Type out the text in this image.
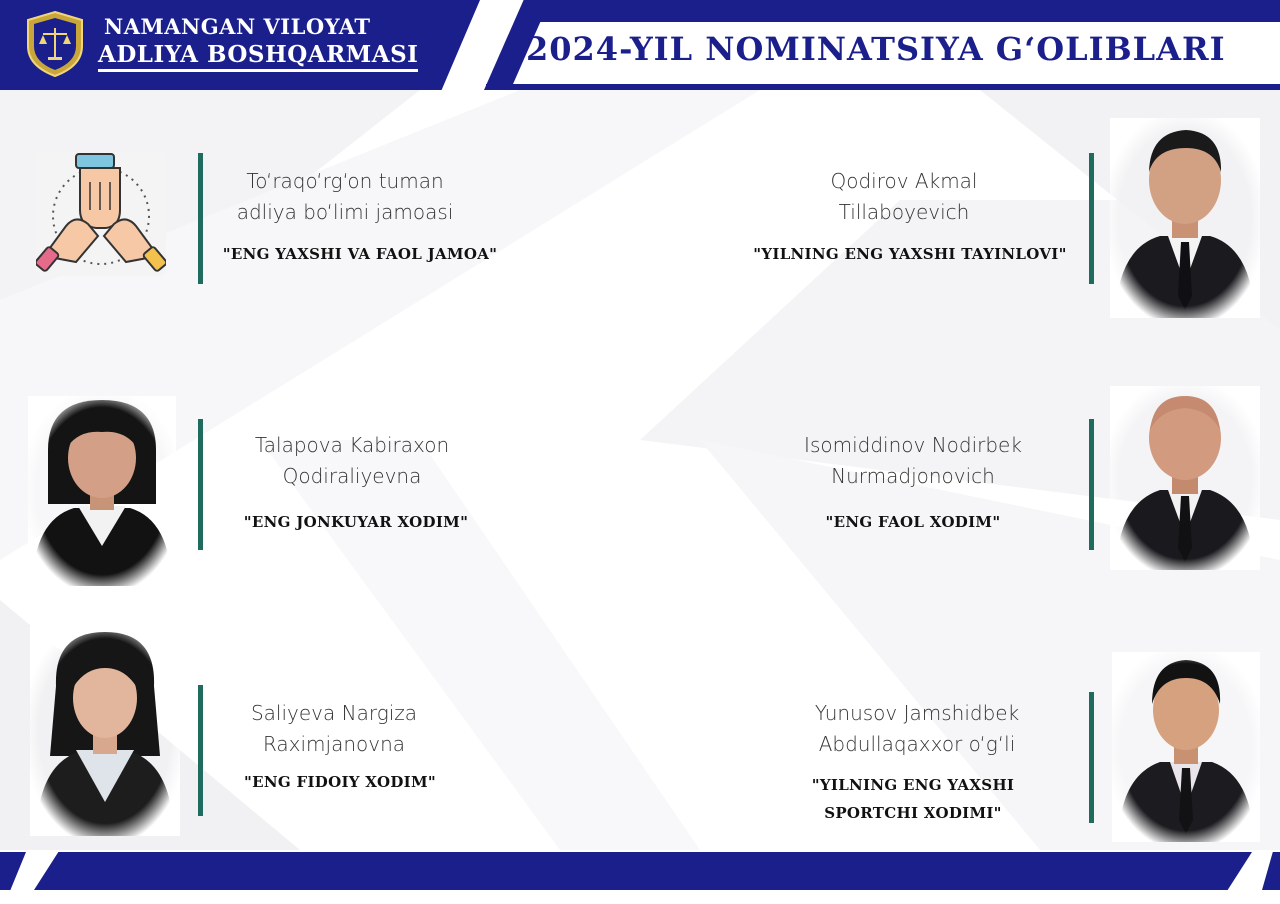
NAMANGAN VILOYAT
ADLIYA BOSHQARMASI	2024-YIL NOMINATSIYA G‘OLIBLARI
To‘raqo‘rg‘on tuman
adliya bo‘limi jamoasi
"ENG YAXSHI VA FAOL JAMOA"	"YILNING ENG YAXSHI TAYINLOVI"
Qodirov Akmal
Tillaboyevich
Talapova Kabiraxon
Qodiraliyevna
"ENG JONKUYAR XODIM"
Isomiddinov Nodirbek
Nurmadjonovich
"ENG FAOL XODIM"
Saliyeva Nargiza
Raximjanovna
"ENG FIDOIY XODIM"
Yunusov Jamshidbek
Abdullaqaxxor o‘g‘li
"YILNING ENG YAXSHI
SPORTCHI XODIMI"
